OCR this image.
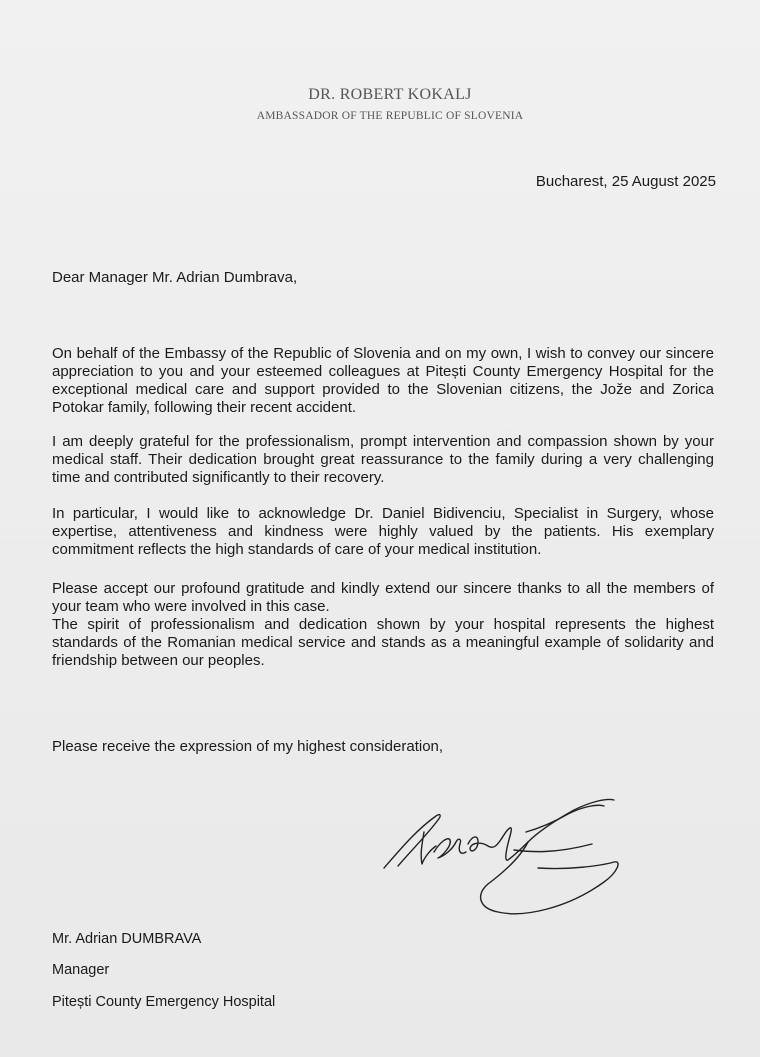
DR. ROBERT KOKALJ
AMBASSADOR OF THE REPUBLIC OF SLOVENIA
Bucharest, 25 August 2025
Dear Manager Mr. Adrian Dumbrava,
On behalf of the Embassy of the Republic of Slovenia and on my own, I wish to convey our sincere appreciation to you and your esteemed colleagues at Pitești County Emergency Hospital for the exceptional medical care and support provided to the Slovenian citizens, the Jože and Zorica Potokar family, following their recent accident.
I am deeply grateful for the professionalism, prompt intervention and compassion shown by your medical staff. Their dedication brought great reassurance to the family during a very challenging time and contributed significantly to their recovery.
In particular, I would like to acknowledge Dr. Daniel Bidivenciu, Specialist in Surgery, whose expertise, attentiveness and kindness were highly valued by the patients. His exemplary commitment reflects the high standards of care of your medical institution.
Please accept our profound gratitude and kindly extend our sincere thanks to all the members of your team who were involved in this case.
The spirit of professionalism and dedication shown by your hospital represents the highest standards of the Romanian medical service and stands as a meaningful example of solidarity and friendship between our peoples.
Please receive the expression of my highest consideration,
Mr. Adrian DUMBRAVA
Manager
Pitești County Emergency Hospital
